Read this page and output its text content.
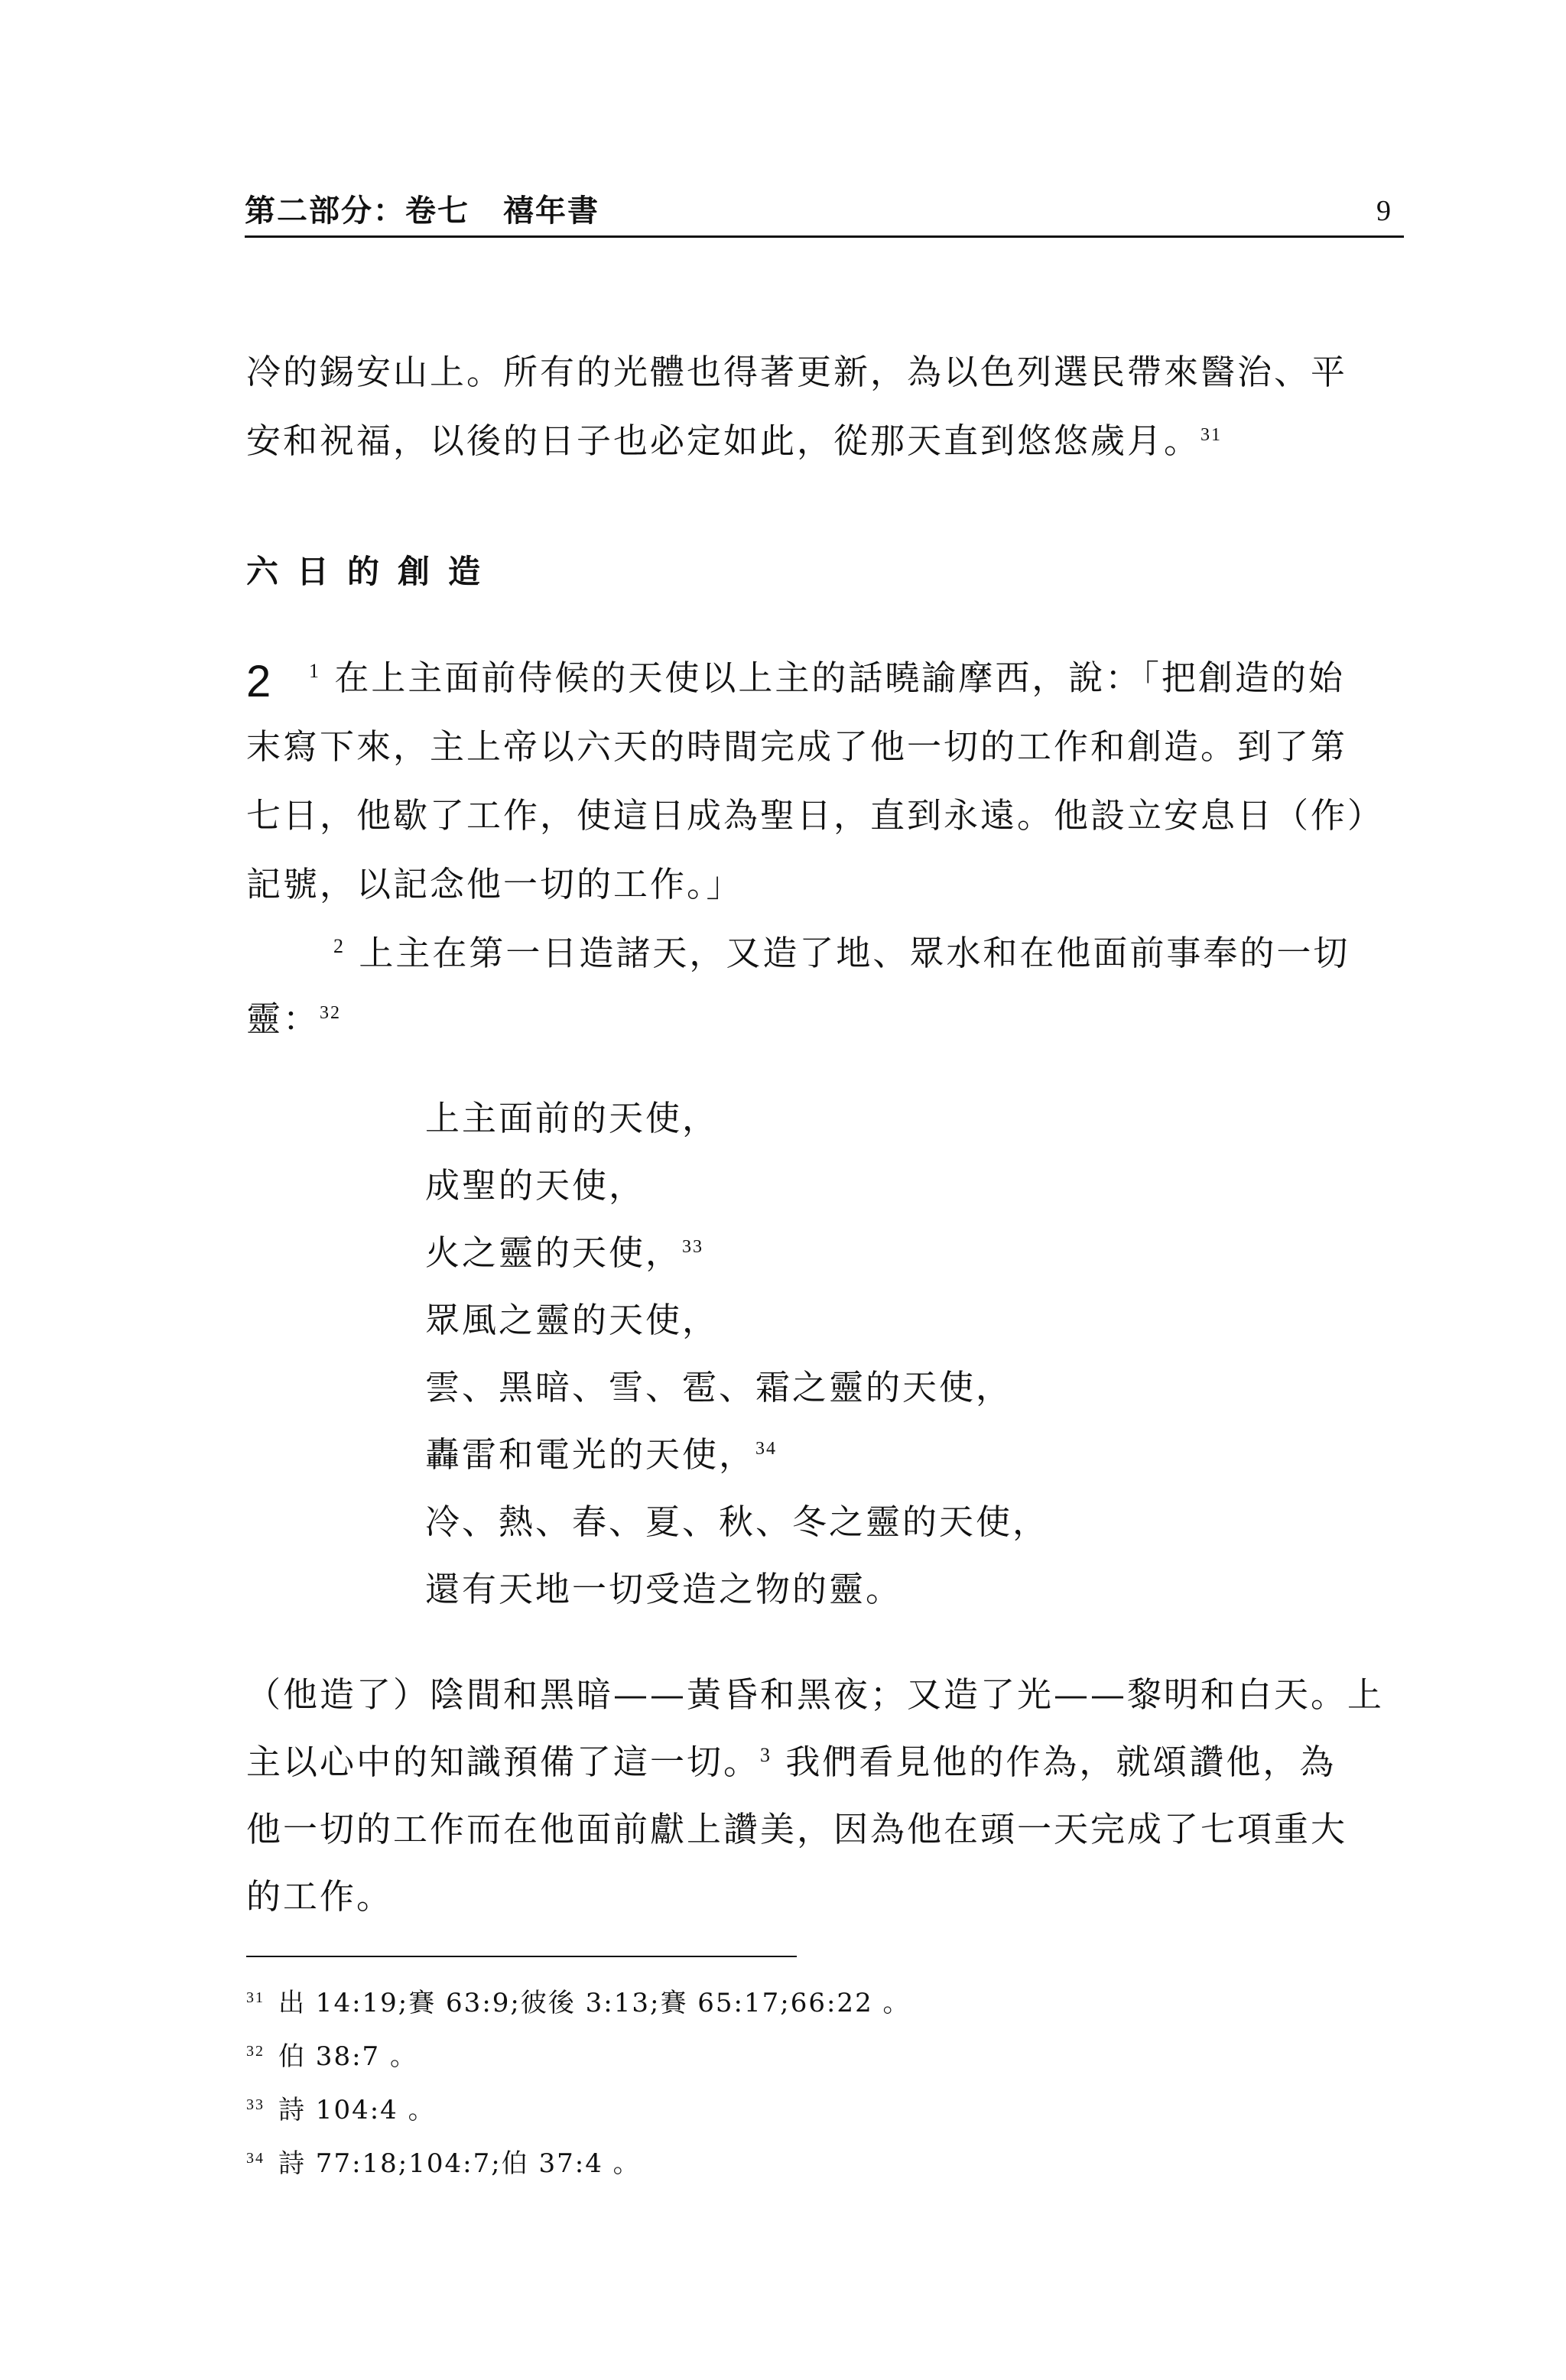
第二部分：卷七 禧年書	9
冷的錫安山上。所有的光體也得著更新，為以色列選民帶來醫治、平
安和祝福，以後的日子也必定如此，從那天直到悠悠歲月。$^{31}$
六日的創造
2 $^1$ 在上主面前侍候的天使以上主的話曉諭摩西，說：「把創造的始
末寫下來，主上帝以六天的時間完成了他一切的工作和創造。到了第
七日，他歇了工作，使這日成為聖日，直到永遠。他設立安息日（作）
記號，以記念他一切的工作。」
$^2$ 上主在第一日造諸天，又造了地、眾水和在他面前事奉的一切
靈：$^{32}$
上主面前的天使，
成聖的天使，
火之靈的天使，$^{33}$
眾風之靈的天使，
雲、黑暗、雪、雹、霜之靈的天使，
轟雷和電光的天使，$^{34}$
冷、熱、春、夏、秋、冬之靈的天使，
還有天地一切受造之物的靈。
（他造了）陰間和黑暗——黃昏和黑夜；又造了光——黎明和白天。上
主以心中的知識預備了這一切。$^3$ 我們看見他的作為，就頌讚他，為
他一切的工作而在他面前獻上讚美，因為他在頭一天完成了七項重大
的工作。
$^{31}$ 出 14:19;賽 63:9;彼後 3:13;賽 65:17;66:22 。
$^{32}$ 伯 38:7 。
$^{33}$ 詩 104:4 。
$^{34}$ 詩 77:18;104:7;伯 37:4 。
